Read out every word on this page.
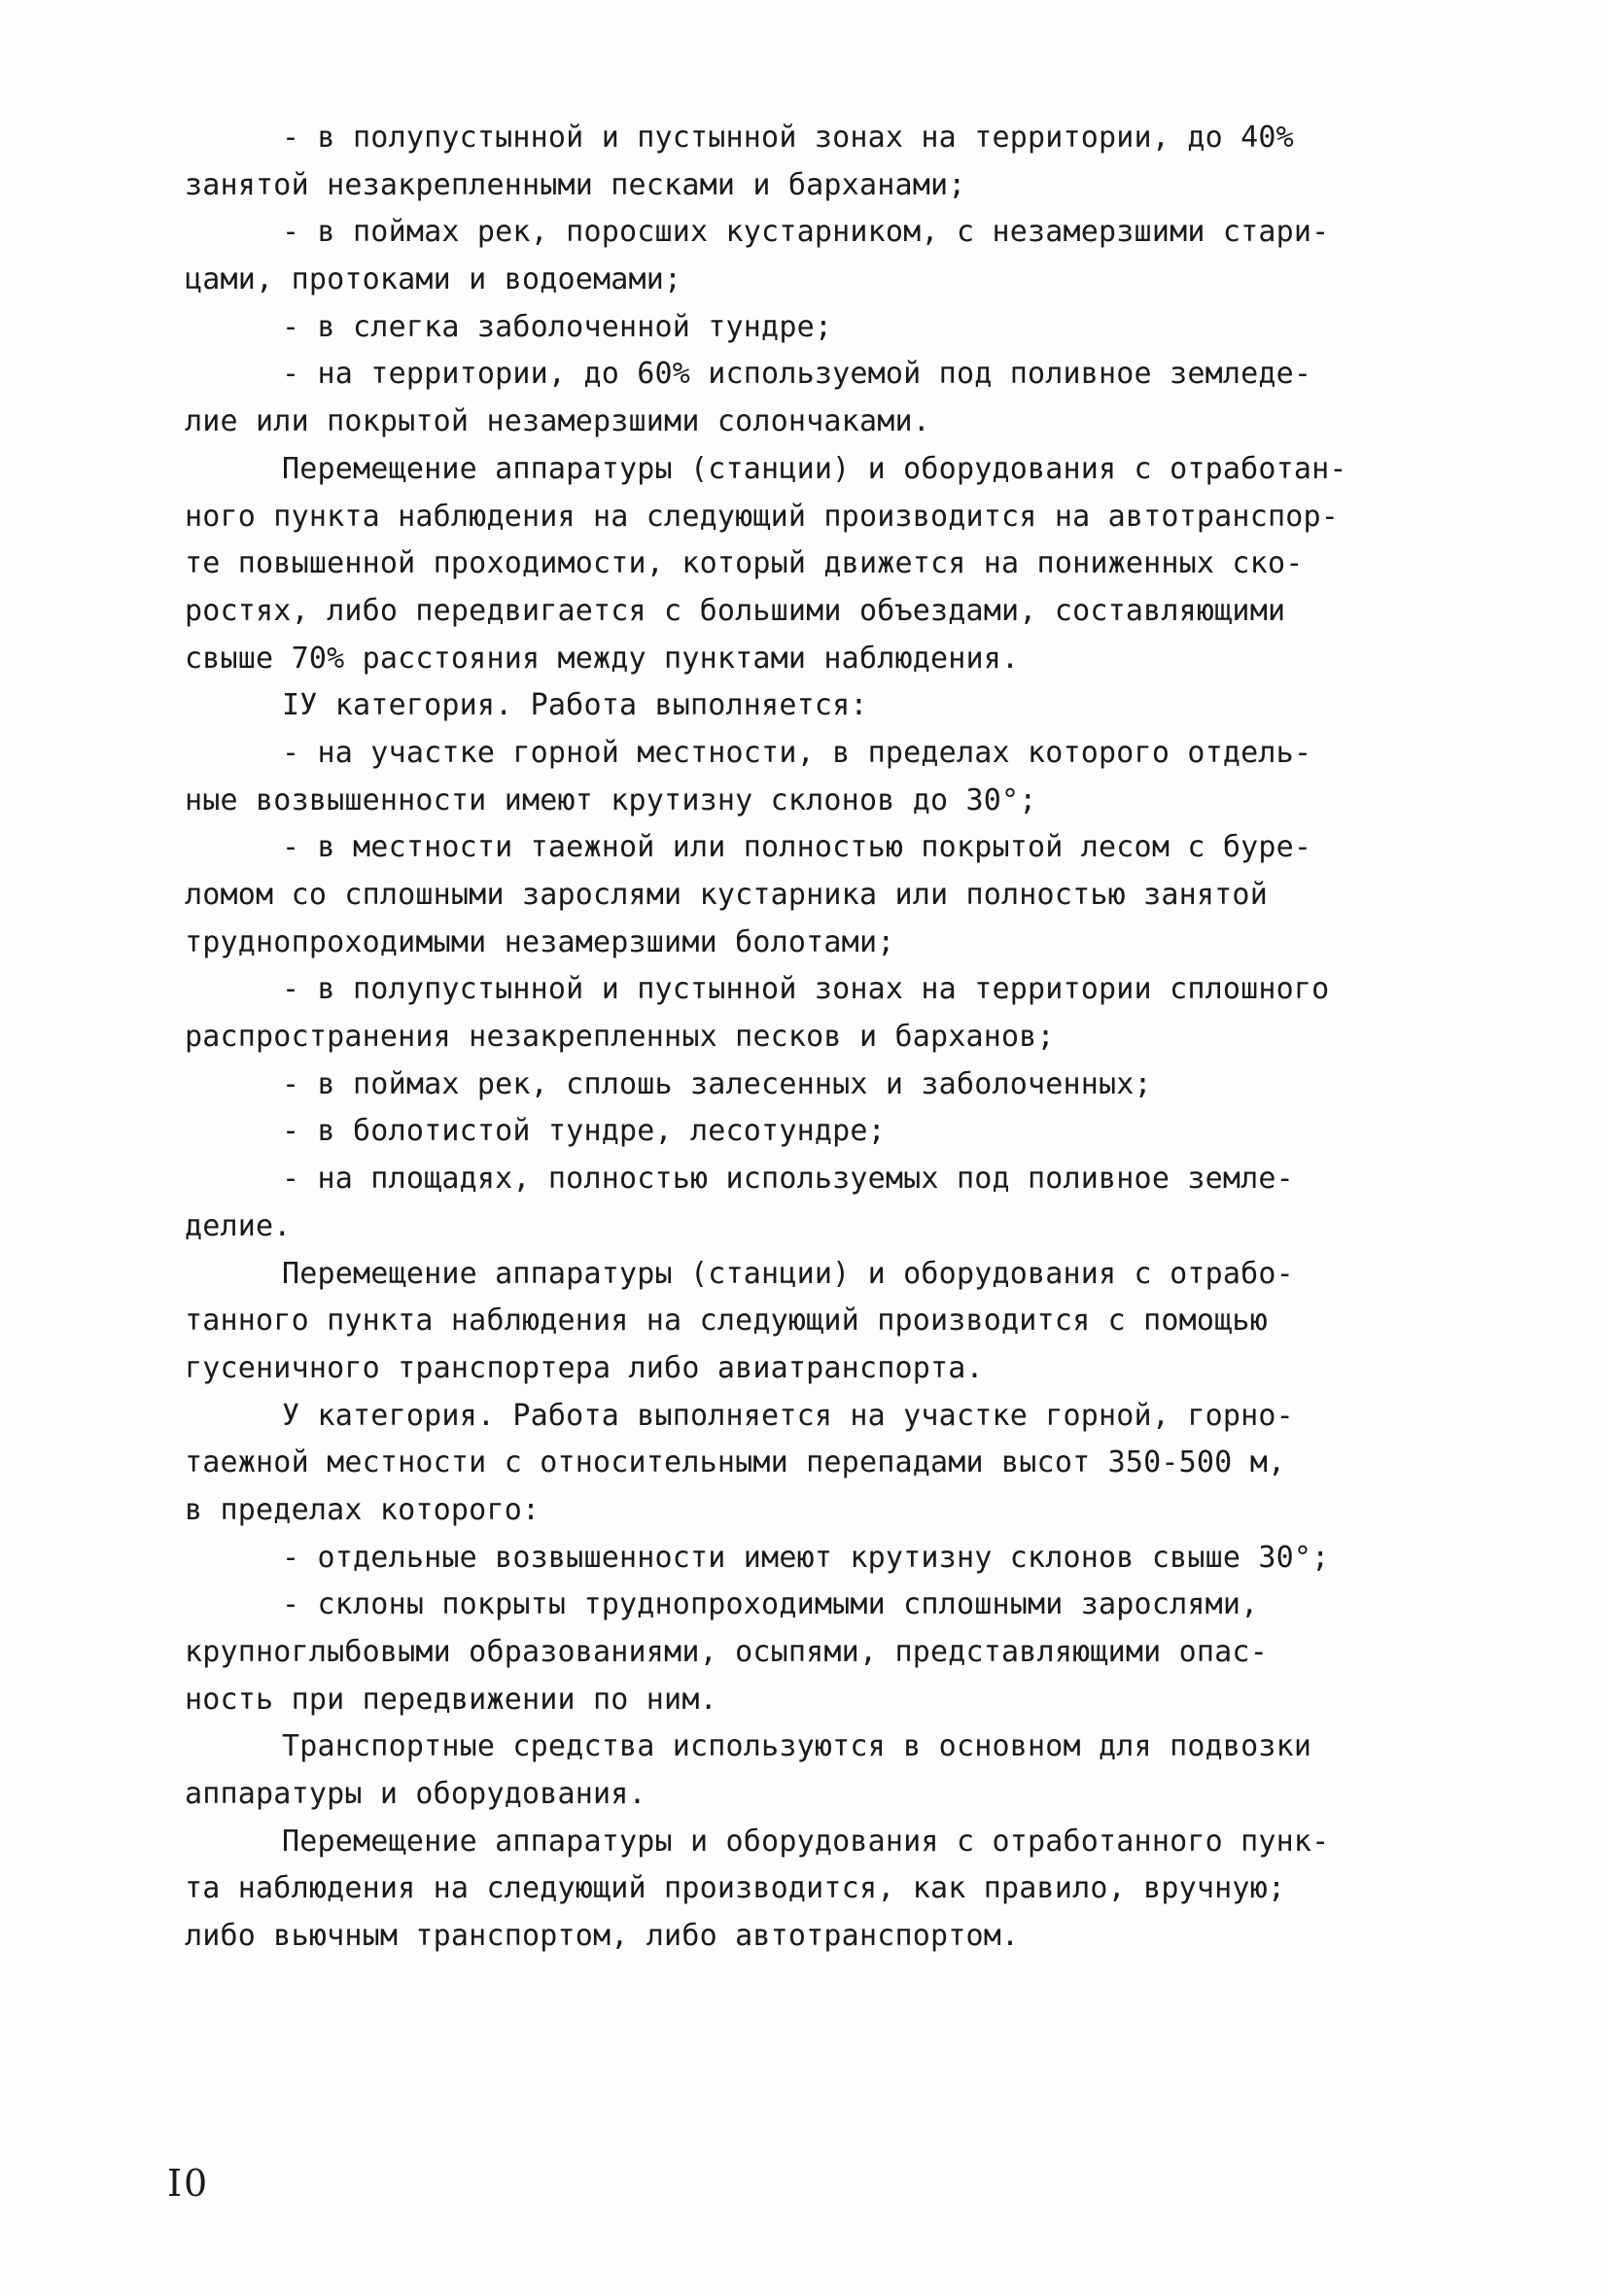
- в полупустынной и пустынной зонах на территории, до 40%
занятой незакрепленными песками и барханами;
- в поймах рек, поросших кустарником, с незамерзшими стари-
цами, протоками и водоемами;
- в слегка заболоченной тундре;
- на территории, до 60% используемой под поливное земледе-
лие или покрытой незамерзшими солончаками.
Перемещение аппаратуры (станции) и оборудования с отработан-
ного пункта наблюдения на следующий производится на автотранспор-
те повышенной проходимости, который движется на пониженных ско-
ростях, либо передвигается с большими объездами, составляющими
свыше 70% расстояния между пунктами наблюдения.
IУ категория. Работа выполняется:
- на участке горной местности, в пределах которого отдель-
ные возвышенности имеют крутизну склонов до 30°;
- в местности таежной или полностью покрытой лесом с буре-
ломом со сплошными зарослями кустарника или полностью занятой
труднопроходимыми незамерзшими болотами;
- в полупустынной и пустынной зонах на территории сплошного
распространения незакрепленных песков и барханов;
- в поймах рек, сплошь залесенных и заболоченных;
- в болотистой тундре, лесотундре;
- на площадях, полностью используемых под поливное земле-
делие.
Перемещение аппаратуры (станции) и оборудования с отрабо-
танного пункта наблюдения на следующий производится с помощью
гусеничного транспортера либо авиатранспорта.
У категория. Работа выполняется на участке горной, горно-
таежной местности с относительными перепадами высот 350-500 м,
в пределах которого:
- отдельные возвышенности имеют крутизну склонов свыше 30°;
- склоны покрыты труднопроходимыми сплошными зарослями,
крупноглыбовыми образованиями, осыпями, представляющими опас-
ность при передвижении по ним.
Транспортные средства используются в основном для подвозки
аппаратуры и оборудования.
Перемещение аппаратуры и оборудования с отработанного пунк-
та наблюдения на следующий производится, как правило, вручную;
либо вьючным транспортом, либо автотранспортом.
I0
